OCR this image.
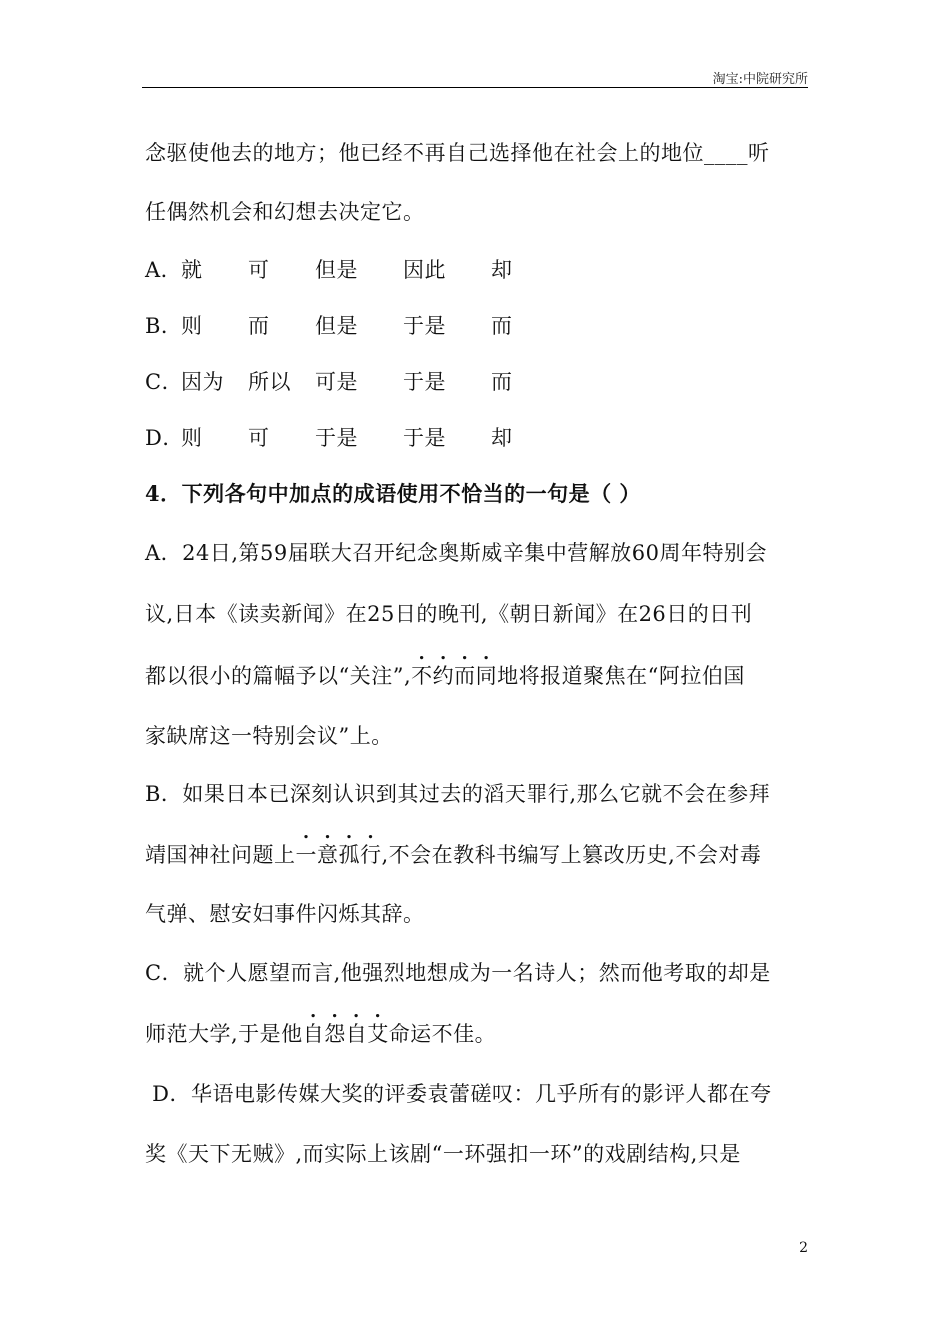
淘宝:中院研究所
念驱使他去的地方；他已经不再自己选择他在社会上的地位____听
任偶然机会和幻想去决定它。
A．
就	可	但是	因此	却
B．
则	而	但是	于是	而
C．
因为	所以	可是	于是	而
D．
则	可	于是	于是	却
4．下列各句中加点的成语使用不恰当的一句是（ ）
A．24日,第59届联大召开纪念奥斯威辛集中营解放60周年特别会
议,日本《读卖新闻》在25日的晚刊,《朝日新闻》在26日的日刊
都以很小的篇幅予以“关注”,不约而同地将报道聚焦在“阿拉伯国
家缺席这一特别会议”上。
B．如果日本已深刻认识到其过去的滔天罪行,那么它就不会在参拜
靖国神社问题上一意孤行,不会在教科书编写上篡改历史,不会对毒
气弹、慰安妇事件闪烁其辞。
C．就个人愿望而言,他强烈地想成为一名诗人；然而他考取的却是
师范大学,于是他自怨自艾命运不佳。
D．华语电影传媒大奖的评委袁蕾磋叹：几乎所有的影评人都在夸
奖《天下无贼》,而实际上该剧“一环强扣一环”的戏剧结构,只是
2
